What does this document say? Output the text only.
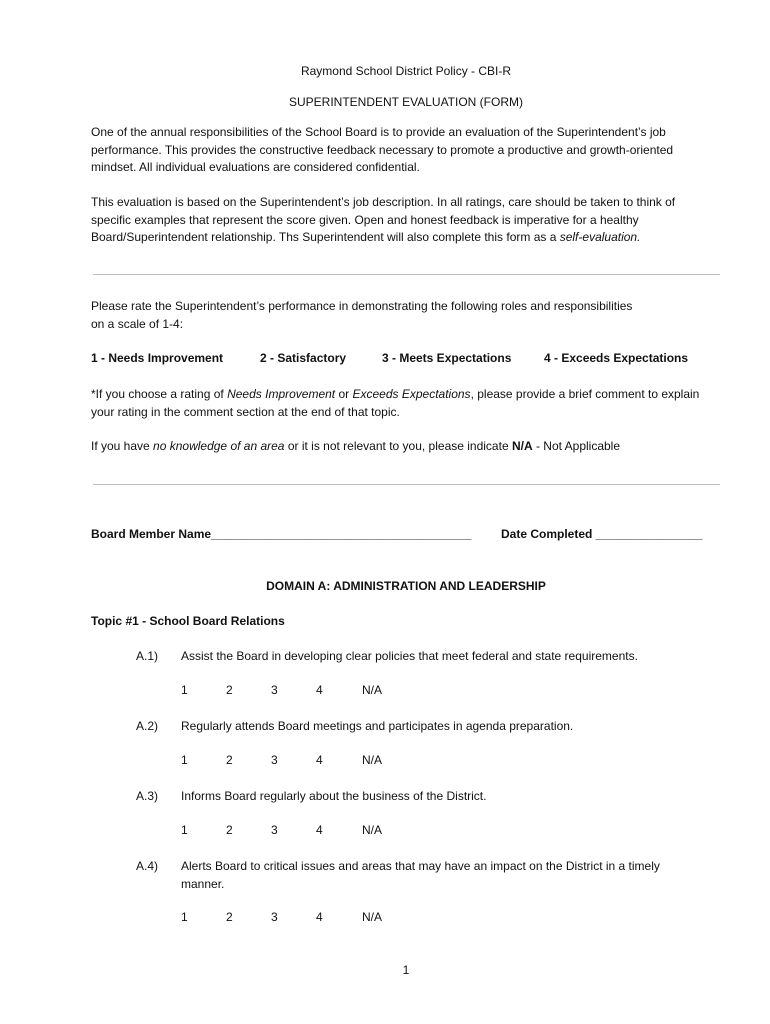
Raymond School District Policy - CBI-R
SUPERINTENDENT EVALUATION (FORM)
One of the annual responsibilities of the School Board is to provide an evaluation of the Superintendent’s job performance. This provides the constructive feedback necessary to promote a productive and growth-oriented mindset. All individual evaluations are considered confidential.
This evaluation is based on the Superintendent’s job description. In all ratings, care should be taken to think of specific examples that represent the score given. Open and honest feedback is imperative for a healthy Board/Superintendent relationship. Ths Superintendent will also complete this form as a self-evaluation.
Please rate the Superintendent’s performance in demonstrating the following roles and responsibilities
on a scale of 1-4:
1 - Needs Improvement	2 - Satisfactory	3 - Meets Expectations	4 - Exceeds Expectations
*If you choose a rating of Needs Improvement or Exceeds Expectations, please provide a brief comment to explain your rating in the comment section at the end of that topic.
If you have no knowledge of an area or it is not relevant to you, please indicate N/A - Not Applicable
Board Member Name_______________________________________ Date Completed ________________
DOMAIN A: ADMINISTRATION AND LEADERSHIP
Topic #1 - School Board Relations
A.1) Assist the Board in developing clear policies that meet federal and state requirements.
1	2	3	4	N/A
A.2) Regularly attends Board meetings and participates in agenda preparation.
1	2	3	4	N/A
A.3) Informs Board regularly about the business of the District.
1	2	3	4	N/A
A.4) Alerts Board to critical issues and areas that may have an impact on the District in a timely manner.
1	2	3	4	N/A
1
